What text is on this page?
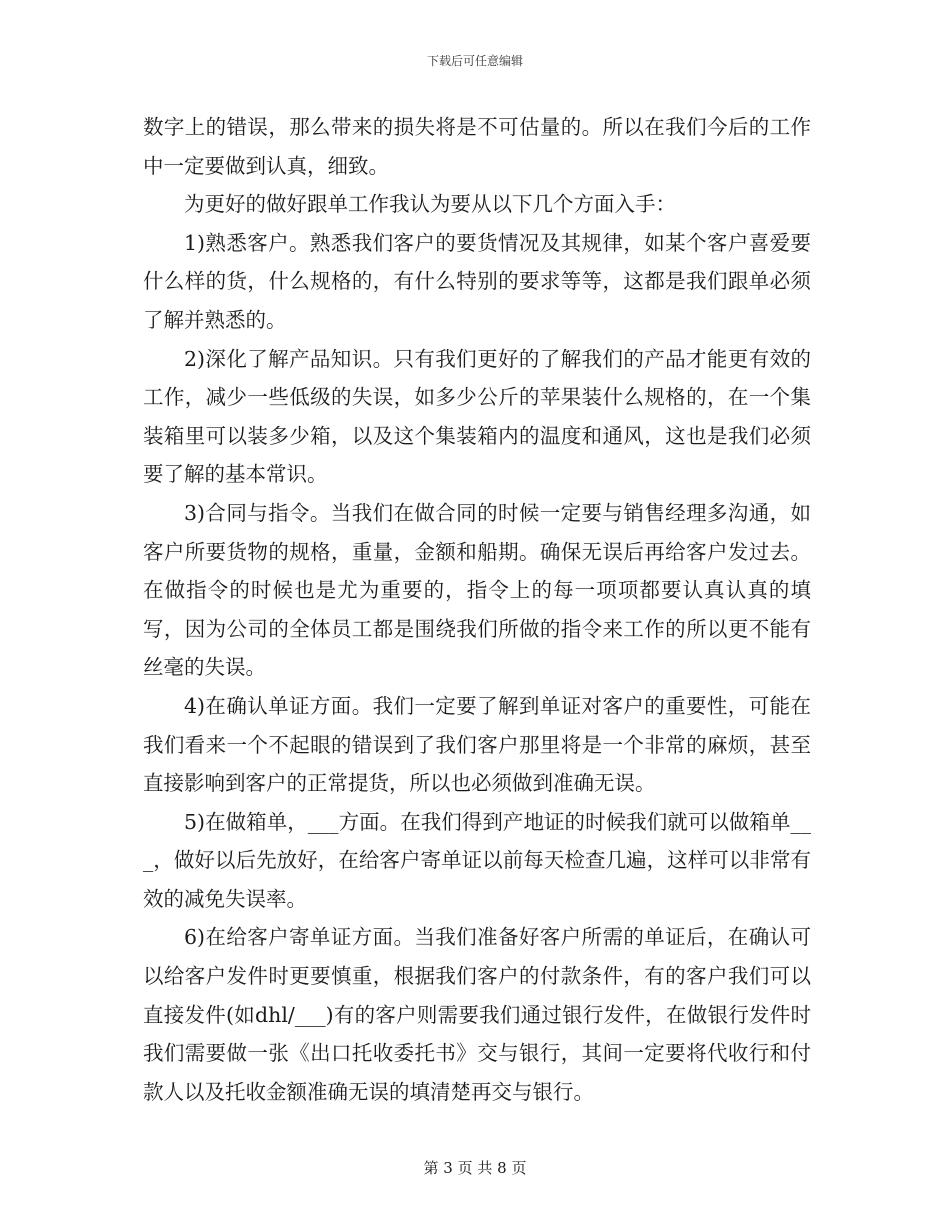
下载后可任意编辑

数字上的错误，那么带来的损失将是不可估量的。所以在我们今后的工作中一定要做到认真，细致。

为更好的做好跟单工作我认为要从以下几个方面入手：

1)熟悉客户。熟悉我们客户的要货情况及其规律，如某个客户喜爱要什么样的货，什么规格的，有什么特别的要求等等，这都是我们跟单必须了解并熟悉的。

2)深化了解产品知识。只有我们更好的了解我们的产品才能更有效的工作，减少一些低级的失误，如多少公斤的苹果装什么规格的，在一个集装箱里可以装多少箱，以及这个集装箱内的温度和通风，这也是我们必须要了解的基本常识。

3)合同与指令。当我们在做合同的时候一定要与销售经理多沟通，如客户所要货物的规格，重量，金额和船期。确保无误后再给客户发过去。在做指令的时候也是尤为重要的，指令上的每一项项都要认真认真的填写，因为公司的全体员工都是围绕我们所做的指令来工作的所以更不能有丝毫的失误。

4)在确认单证方面。我们一定要了解到单证对客户的重要性，可能在我们看来一个不起眼的错误到了我们客户那里将是一个非常的麻烦，甚至直接影响到客户的正常提货，所以也必须做到准确无误。

5)在做箱单，___方面。在我们得到产地证的时候我们就可以做箱单___，做好以后先放好，在给客户寄单证以前每天检查几遍，这样可以非常有效的减免失误率。

6)在给客户寄单证方面。当我们准备好客户所需的单证后，在确认可以给客户发件时更要慎重，根据我们客户的付款条件，有的客户我们可以直接发件(如dhl/___)有的客户则需要我们通过银行发件，在做银行发件时我们需要做一张《出口托收委托书》交与银行，其间一定要将代收行和付款人以及托收金额准确无误的填清楚再交与银行。

第 3 页 共 8 页
